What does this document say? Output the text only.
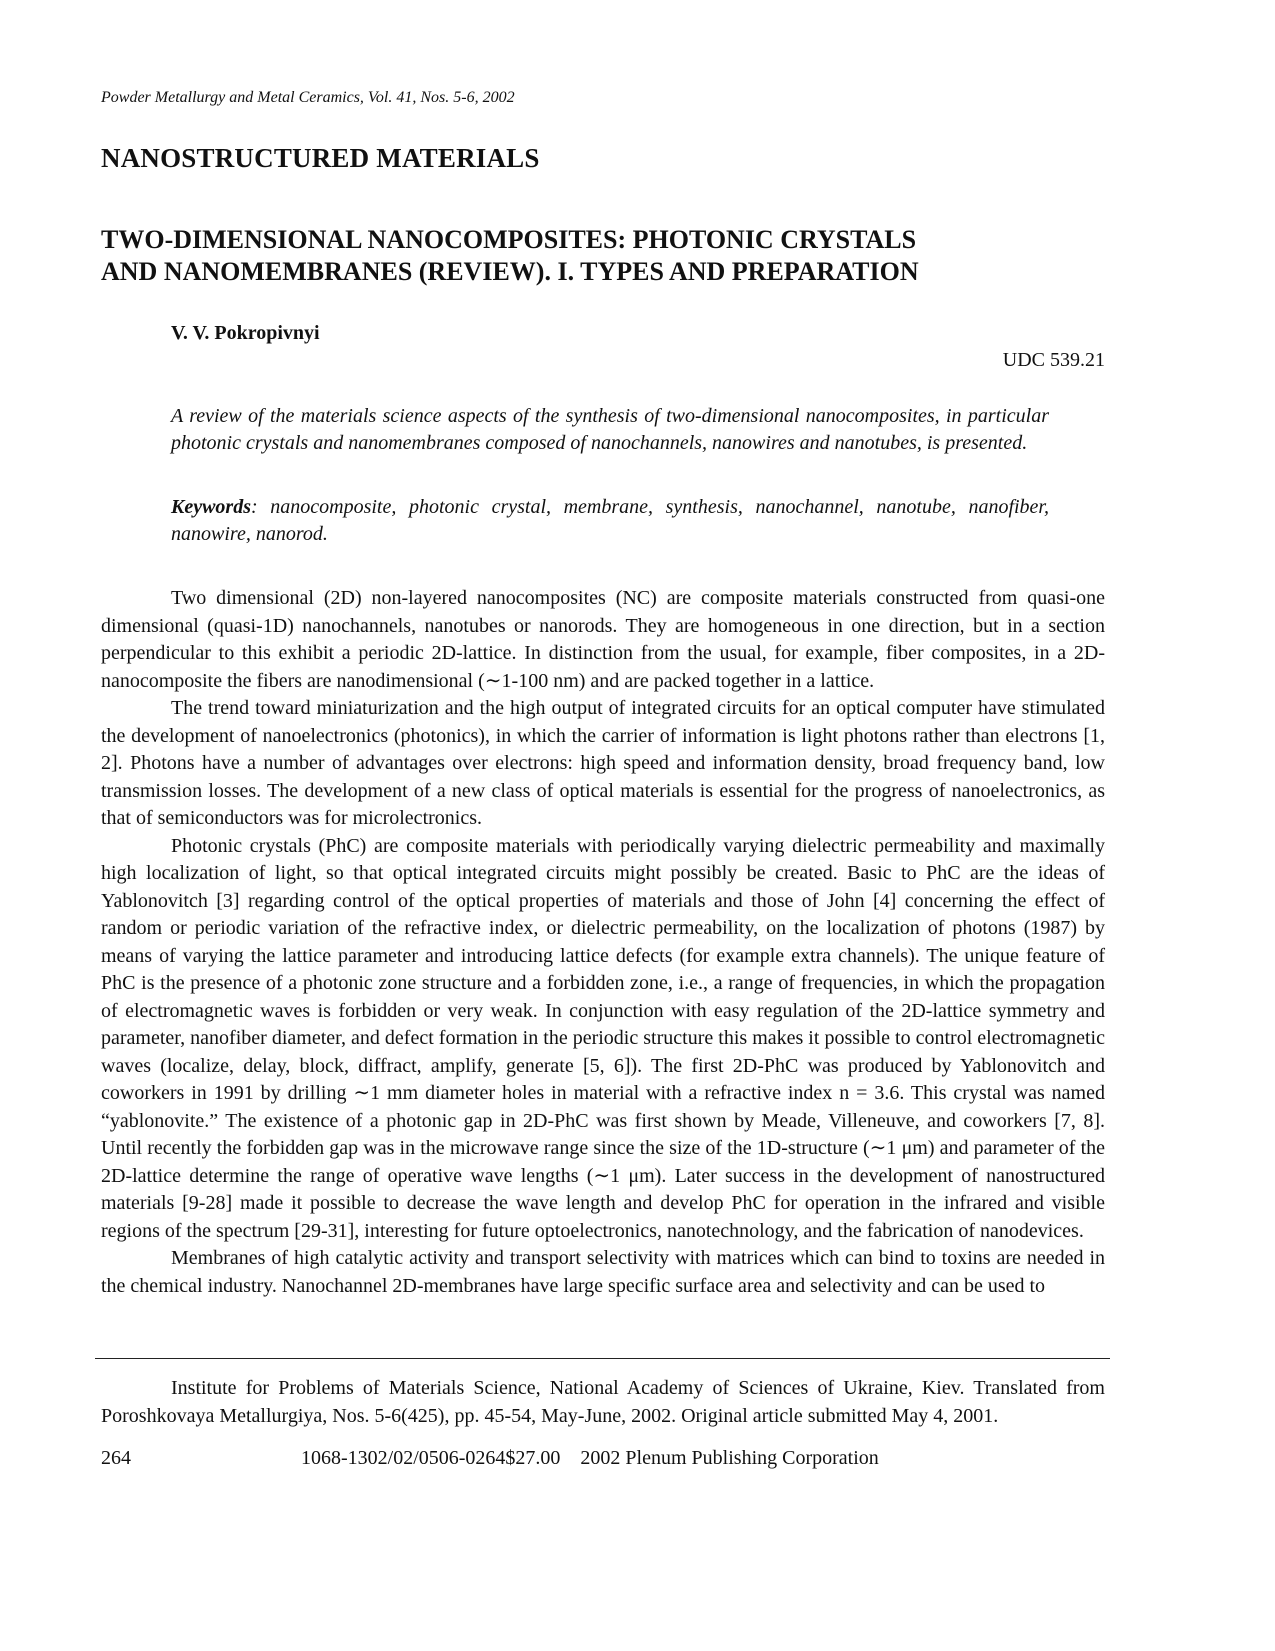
Powder Metallurgy and Metal Ceramics, Vol. 41, Nos. 5-6, 2002
NANOSTRUCTURED MATERIALS
TWO-DIMENSIONAL NANOCOMPOSITES: PHOTONIC CRYSTALS
AND NANOMEMBRANES (REVIEW). I. TYPES AND PREPARATION
V. V. Pokropivnyi
UDC 539.21
A review of the materials science aspects of the synthesis of two-dimensional nanocomposites, in particular photonic crystals and nanomembranes composed of nanochannels, nanowires and nanotubes, is presented.
Keywords: nanocomposite, photonic crystal, membrane, synthesis, nanochannel, nanotube, nanofiber, nanowire, nanorod.

Two dimensional (2D) non-layered nanocomposites (NC) are composite materials constructed from quasi-one dimensional (quasi-1D) nanochannels, nanotubes or nanorods. They are homogeneous in one direction, but in a section perpendicular to this exhibit a periodic 2D-lattice. In distinction from the usual, for example, fiber composites, in a 2D-nanocomposite the fibers are nanodimensional (∼1-100 nm) and are packed together in a lattice.

The trend toward miniaturization and the high output of integrated circuits for an optical computer have stimulated the development of nanoelectronics (photonics), in which the carrier of information is light photons rather than electrons [1, 2]. Photons have a number of advantages over electrons: high speed and information density, broad frequency band, low transmission losses. The development of a new class of optical materials is essential for the progress of nanoelectronics, as that of semiconductors was for microlectronics.

Photonic crystals (PhC) are composite materials with periodically varying dielectric permeability and maximally high localization of light, so that optical integrated circuits might possibly be created. Basic to PhC are the ideas of Yablonovitch [3] regarding control of the optical properties of materials and those of John [4] concerning the effect of random or periodic variation of the refractive index, or dielectric permeability, on the localization of photons (1987) by means of varying the lattice parameter and introducing lattice defects (for example extra channels). The unique feature of PhC is the presence of a photonic zone structure and a forbidden zone, i.e., a range of frequencies, in which the propagation of electromagnetic waves is forbidden or very weak. In conjunction with easy regulation of the 2D-lattice symmetry and parameter, nanofiber diameter, and defect formation in the periodic structure this makes it possible to control electromagnetic waves (localize, delay, block, diffract, amplify, generate [5, 6]). The first 2D-PhC was produced by Yablonovitch and coworkers in 1991 by drilling ∼1 mm diameter holes in material with a refractive index n = 3.6. This crystal was named “yablonovite.” The existence of a photonic gap in 2D-PhC was first shown by Meade, Villeneuve, and coworkers [7, 8]. Until recently the forbidden gap was in the microwave range since the size of the 1D-structure (∼1 μm) and parameter of the 2D-lattice determine the range of operative wave lengths (∼1 μm). Later success in the development of nanostructured materials [9-28] made it possible to decrease the wave length and develop PhC for operation in the infrared and visible regions of the spectrum [29-31], interesting for future optoelectronics, nanotechnology, and the fabrication of nanodevices.

Membranes of high catalytic activity and transport selectivity with matrices which can bind to toxins are needed in the chemical industry. Nanochannel 2D-membranes have large specific surface area and selectivity and can be used to

Institute for Problems of Materials Science, National Academy of Sciences of Ukraine, Kiev. Translated from Poroshkovaya Metallurgiya, Nos. 5-6(425), pp. 45-54, May-June, 2002. Original article submitted May 4, 2001.
264	1068-1302/02/0506-0264$27.00    2002 Plenum Publishing Corporation
